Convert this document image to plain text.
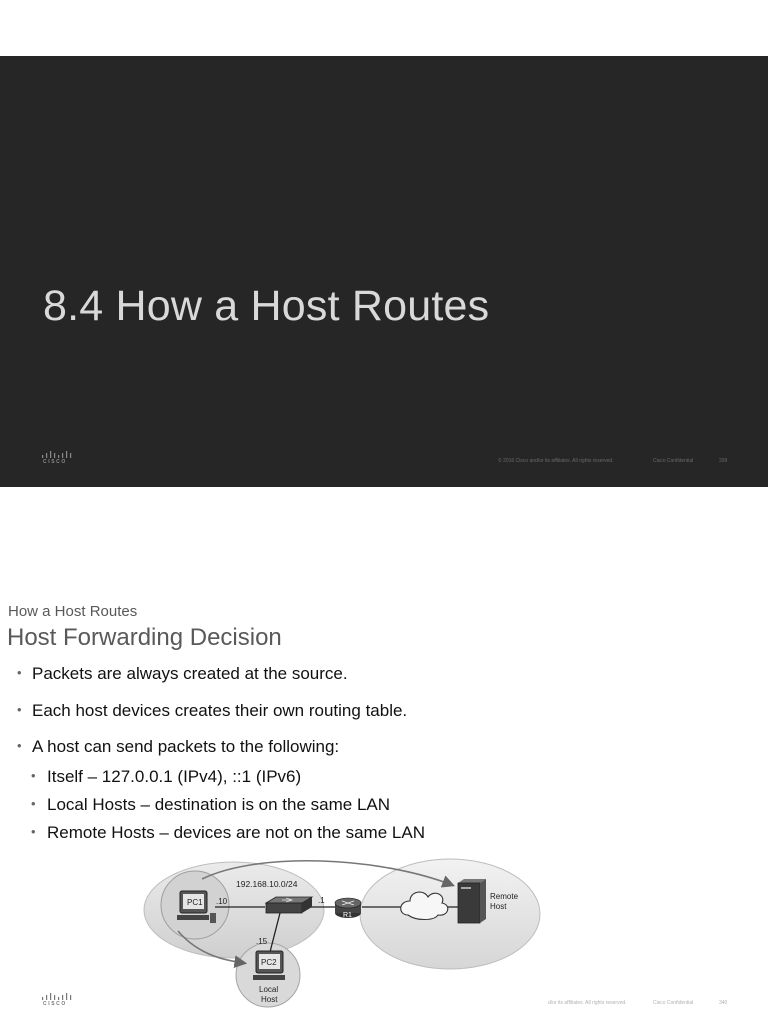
8.4 How a Host Routes
CISCO	© 2016 Cisco and/or its affiliates. All rights reserved.	Cisco Confidential	339
How a Host Routes
Host Forwarding Decision
• Packets are always created at the source.
• Each host devices creates their own routing table.
• A host can send packets to the following:
• Itself – 127.0.0.1 (IPv4), ::1 (IPv6)
• Local Hosts – destination is on the same LAN
• Remote Hosts – devices are not on the same LAN
PC1 .10
192.168.10.0/24
R1
.1	Remote
Host
PC2
.15
Local
Host
CISCO	d/or its affiliates. All rights reserved.	Cisco Confidential	340
